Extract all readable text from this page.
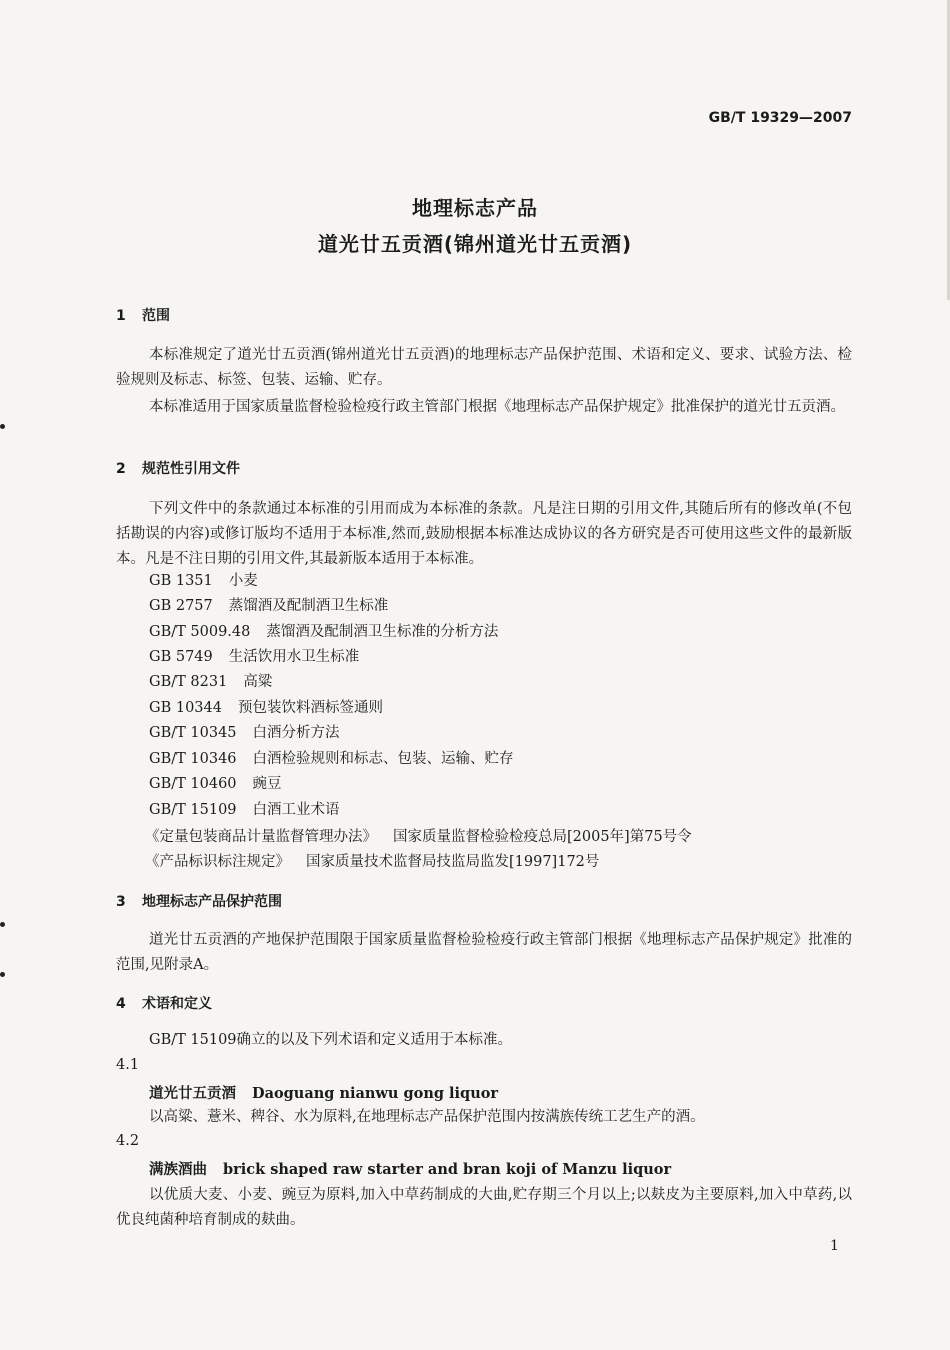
GB/T 19329—2007
地理标志产品
道光廿五贡酒(锦州道光廿五贡酒)
1 范围
本标准规定了道光廿五贡酒(锦州道光廿五贡酒)的地理标志产品保护范围、术语和定义、要求、试验方法、检验规则及标志、标签、包装、运输、贮存。
本标准适用于国家质量监督检验检疫行政主管部门根据《地理标志产品保护规定》批准保护的道光廿五贡酒。
2 规范性引用文件
下列文件中的条款通过本标准的引用而成为本标准的条款。凡是注日期的引用文件,其随后所有的修改单(不包括勘误的内容)或修订版均不适用于本标准,然而,鼓励根据本标准达成协议的各方研究是否可使用这些文件的最新版本。凡是不注日期的引用文件,其最新版本适用于本标准。
GB 1351 小麦
GB 2757 蒸馏酒及配制酒卫生标准
GB/T 5009.48 蒸馏酒及配制酒卫生标准的分析方法
GB 5749 生活饮用水卫生标准
GB/T 8231 高粱
GB 10344 预包装饮料酒标签通则
GB/T 10345 白酒分析方法
GB/T 10346 白酒检验规则和标志、包装、运输、贮存
GB/T 10460 豌豆
GB/T 15109 白酒工业术语
《定量包装商品计量监督管理办法》 国家质量监督检验检疫总局[2005年]第75号令
《产品标识标注规定》 国家质量技术监督局技监局监发[1997]172号
3 地理标志产品保护范围
道光廿五贡酒的产地保护范围限于国家质量监督检验检疫行政主管部门根据《地理标志产品保护规定》批准的范围,见附录A。
4 术语和定义
GB/T 15109确立的以及下列术语和定义适用于本标准。
4.1
道光廿五贡酒 Daoguang nianwu gong liquor
以高粱、薏米、稗谷、水为原料,在地理标志产品保护范围内按满族传统工艺生产的酒。
4.2
满族酒曲 brick shaped raw starter and bran koji of Manzu liquor
以优质大麦、小麦、豌豆为原料,加入中草药制成的大曲,贮存期三个月以上;以麸皮为主要原料,加入中草药,以优良纯菌种培育制成的麸曲。
1
